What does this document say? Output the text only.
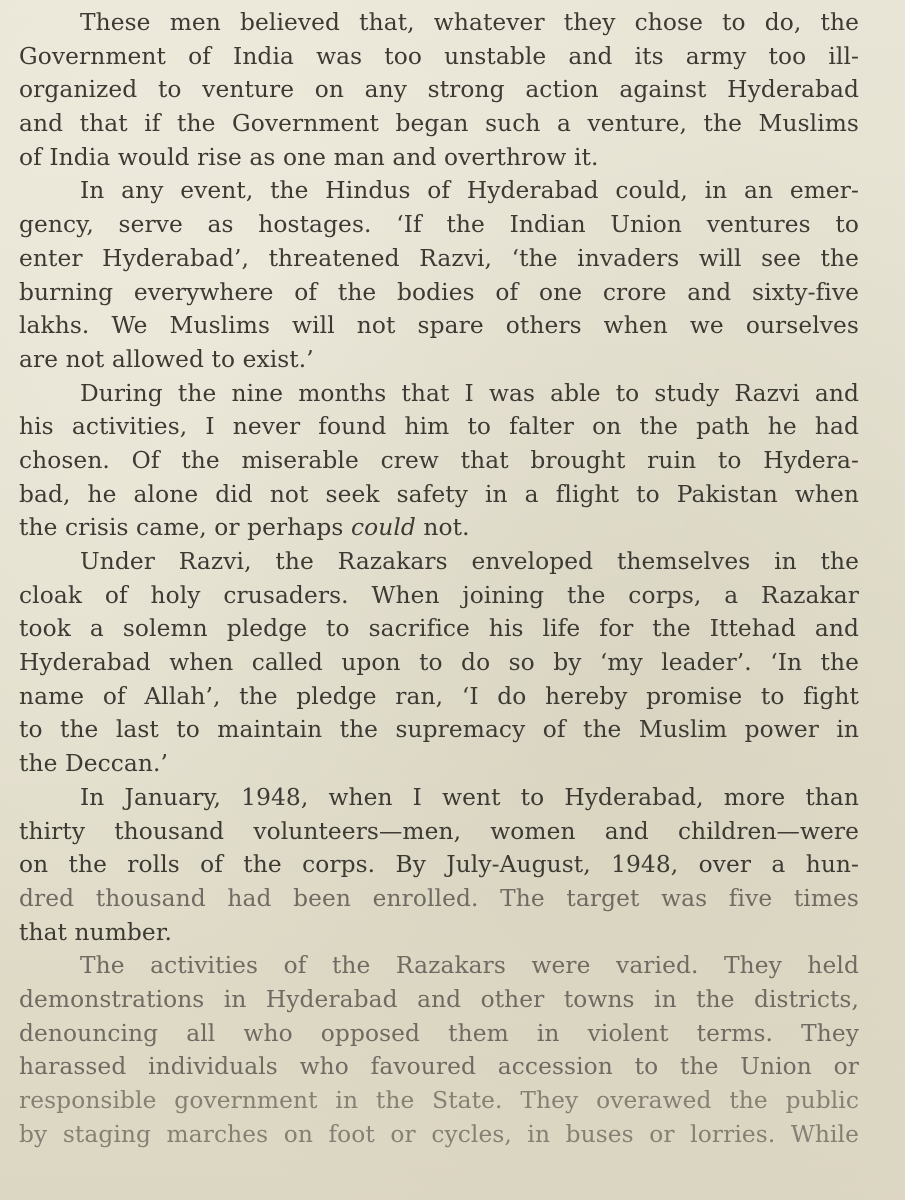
These men believed that, whatever they chose to do, the
Government of India was too unstable and its army too ill-
organized to venture on any strong action against Hyderabad
and that if the Government began such a venture, the Muslims
of India would rise as one man and overthrow it.
In any event, the Hindus of Hyderabad could, in an emer-
gency, serve as hostages. ‘If the Indian Union ventures to
enter Hyderabad’, threatened Razvi, ‘the invaders will see the
burning everywhere of the bodies of one crore and sixty-five
lakhs. We Muslims will not spare others when we ourselves
are not allowed to exist.’
During the nine months that I was able to study Razvi and
his activities, I never found him to falter on the path he had
chosen. Of the miserable crew that brought ruin to Hydera-
bad, he alone did not seek safety in a flight to Pakistan when
the crisis came, or perhaps could not.
Under Razvi, the Razakars enveloped themselves in the
cloak of holy crusaders. When joining the corps, a Razakar
took a solemn pledge to sacrifice his life for the Ittehad and
Hyderabad when called upon to do so by ‘my leader’. ‘In the
name of Allah’, the pledge ran, ‘I do hereby promise to fight
to the last to maintain the supremacy of the Muslim power in
the Deccan.’
In January, 1948, when I went to Hyderabad, more than
thirty thousand volunteers—men, women and children—were
on the rolls of the corps. By July-August, 1948, over a hun-
dred thousand had been enrolled. The target was five times
that number.
The activities of the Razakars were varied. They held
demonstrations in Hyderabad and other towns in the districts,
denouncing all who opposed them in violent terms. They
harassed individuals who favoured accession to the Union or
responsible government in the State. They overawed the public
by staging marches on foot or cycles, in buses or lorries. While
